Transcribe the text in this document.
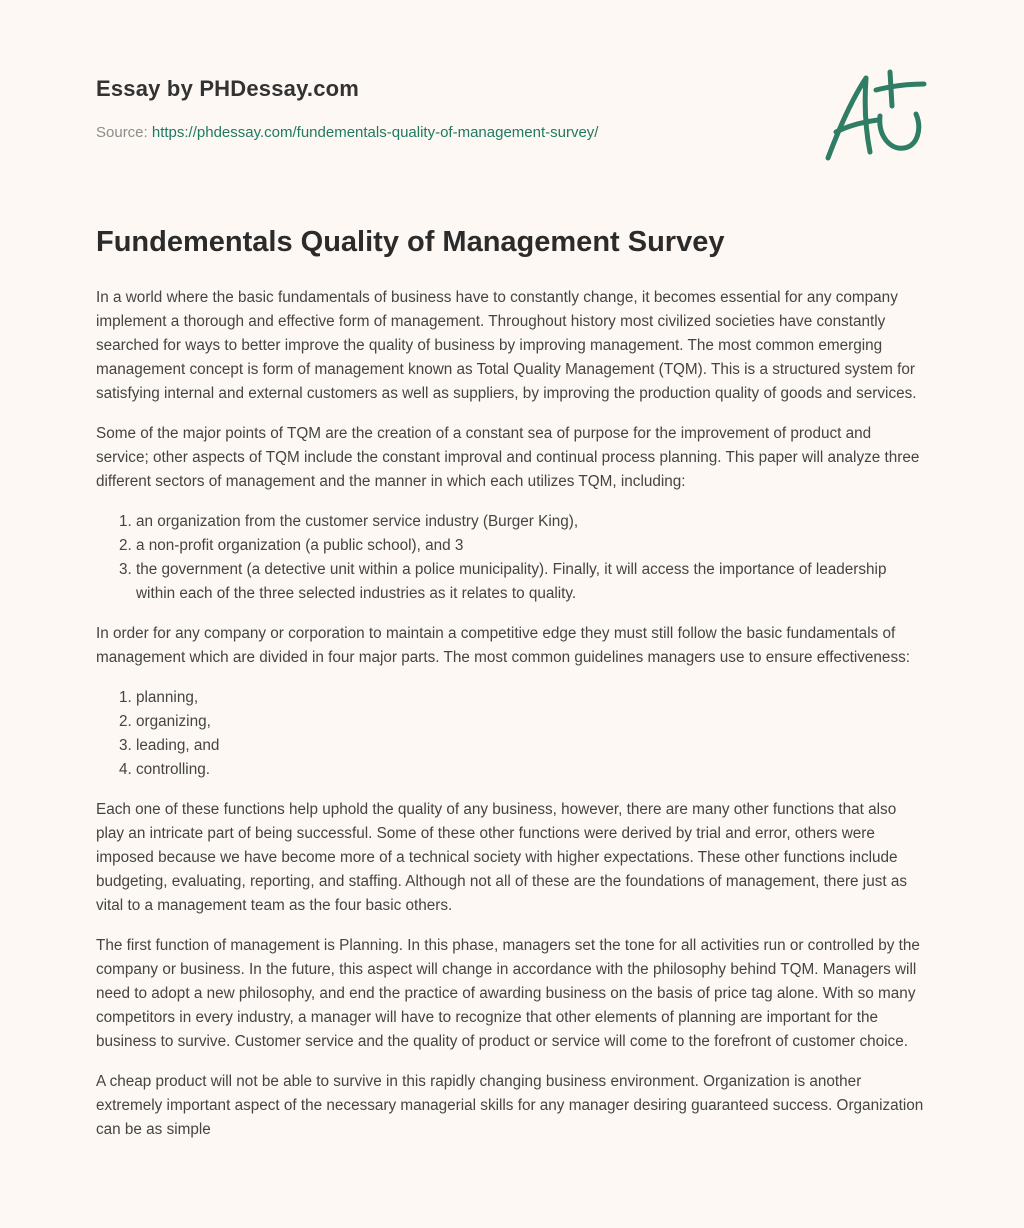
Essay by PHDessay.com
Source: https://phdessay.com/fundementals-quality-of-management-survey/
Fundementals Quality of Management Survey

In a world where the basic fundamentals of business have to constantly change, it becomes essential for any company implement a thorough and effective form of management. Throughout history most civilized societies have constantly searched for ways to better improve the quality of business by improving management. The most common emerging management concept is form of management known as Total Quality Management (TQM). This is a structured system for satisfying internal and external customers as well as suppliers, by improving the production quality of goods and services.

Some of the major points of TQM are the creation of a constant sea of purpose for the improvement of product and service; other aspects of TQM include the constant improval and continual process planning. This paper will analyze three different sectors of management and the manner in which each utilizes TQM, including:

1. an organization from the customer service industry (Burger King),
2. a non-profit organization (a public school), and 3
3. the government (a detective unit within a police municipality). Finally, it will access the importance of leadership within each of the three selected industries as it relates to quality.

In order for any company or corporation to maintain a competitive edge they must still follow the basic fundamentals of management which are divided in four major parts. The most common guidelines managers use to ensure effectiveness:

1. planning,
2. organizing,
3. leading, and
4. controlling.

Each one of these functions help uphold the quality of any business, however, there are many other functions that also play an intricate part of being successful. Some of these other functions were derived by trial and error, others were imposed because we have become more of a technical society with higher expectations. These other functions include budgeting, evaluating, reporting, and staffing. Although not all of these are the foundations of management, there just as vital to a management team as the four basic others.

The first function of management is Planning. In this phase, managers set the tone for all activities run or controlled by the company or business. In the future, this aspect will change in accordance with the philosophy behind TQM. Managers will need to adopt a new philosophy, and end the practice of awarding business on the basis of price tag alone. With so many competitors in every industry, a manager will have to recognize that other elements of planning are important for the business to survive. Customer service and the quality of product or service will come to the forefront of customer choice.

A cheap product will not be able to survive in this rapidly changing business environment. Organization is another extremely important aspect of the necessary managerial skills for any manager desiring guaranteed success. Organization can be as simple
